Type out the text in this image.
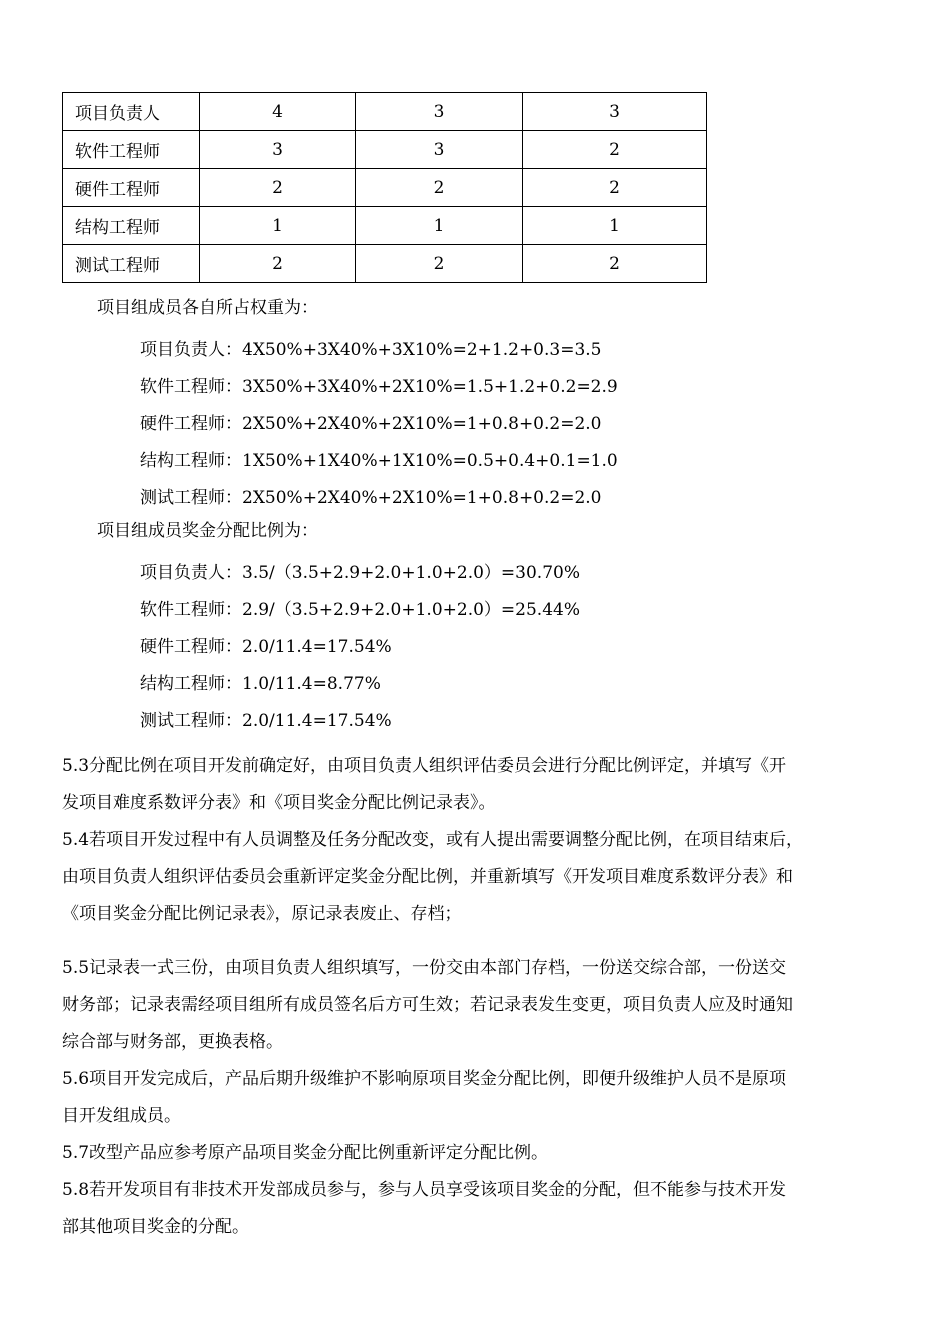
项目负责人	4	3	3
软件工程师	3	3	2
硬件工程师	2	2	2
结构工程师	1	1	1
测试工程师	2	2	2
项目组成员各自所占权重为：
项目负责人：4X50%+3X40%+3X10%=2+1.2+0.3=3.5
软件工程师：3X50%+3X40%+2X10%=1.5+1.2+0.2=2.9
硬件工程师：2X50%+2X40%+2X10%=1+0.8+0.2=2.0
结构工程师：1X50%+1X40%+1X10%=0.5+0.4+0.1=1.0
测试工程师：2X50%+2X40%+2X10%=1+0.8+0.2=2.0
项目组成员奖金分配比例为：
项目负责人：3.5/（3.5+2.9+2.0+1.0+2.0）=30.70%
软件工程师：2.9/（3.5+2.9+2.0+1.0+2.0）=25.44%
硬件工程师：2.0/11.4=17.54%
结构工程师：1.0/11.4=8.77%
测试工程师：2.0/11.4=17.54%
5.3分配比例在项目开发前确定好，由项目负责人组织评估委员会进行分配比例评定，并填写《开
发项目难度系数评分表》和《项目奖金分配比例记录表》。
5.4若项目开发过程中有人员调整及任务分配改变，或有人提出需要调整分配比例，在项目结束后，
由项目负责人组织评估委员会重新评定奖金分配比例，并重新填写《开发项目难度系数评分表》和
《项目奖金分配比例记录表》，原记录表废止、存档；
5.5记录表一式三份，由项目负责人组织填写，一份交由本部门存档，一份送交综合部，一份送交
财务部；记录表需经项目组所有成员签名后方可生效；若记录表发生变更，项目负责人应及时通知
综合部与财务部，更换表格。
5.6项目开发完成后，产品后期升级维护不影响原项目奖金分配比例，即便升级维护人员不是原项
目开发组成员。
5.7改型产品应参考原产品项目奖金分配比例重新评定分配比例。
5.8若开发项目有非技术开发部成员参与，参与人员享受该项目奖金的分配，但不能参与技术开发
部其他项目奖金的分配。
